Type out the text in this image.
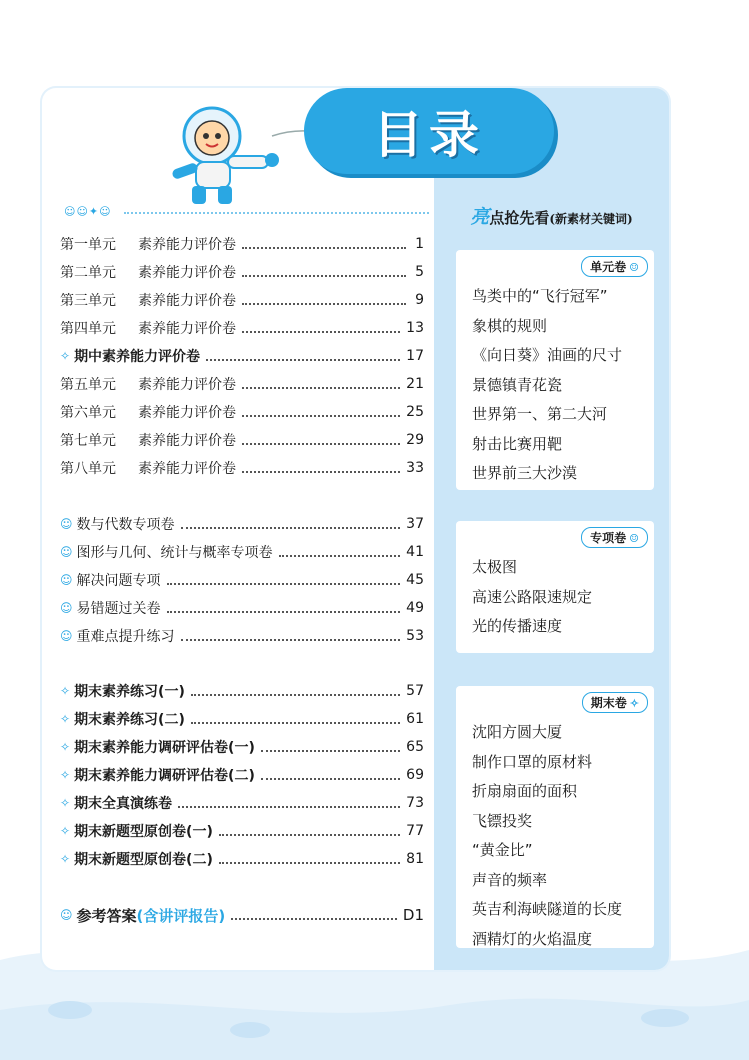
目录
☺☺✦☺	亮点抢先看(新素材关键词)
第一单元 素养能力评价卷	1
第二单元 素养能力评价卷	5
第三单元 素养能力评价卷	9
第四单元 素养能力评价卷	13
✧ 期中素养能力评价卷	17
第五单元 素养能力评价卷	21
第六单元 素养能力评价卷	25
第七单元 素养能力评价卷	29
第八单元 素养能力评价卷	33
☺ 数与代数专项卷	37
☺ 图形与几何、统计与概率专项卷	41
☺ 解决问题专项	45
☺ 易错题过关卷	49
☺ 重难点提升练习	53
✧ 期末素养练习(一)	57
✧ 期末素养练习(二)	61
✧ 期末素养能力调研评估卷(一)	65
✧ 期末素养能力调研评估卷(二)	69
✧ 期末全真演练卷	73
✧ 期末新题型原创卷(一)	77
✧ 期末新题型原创卷(二)	81
☺ 参考答案 (含讲评报告)	D1
单元卷 ☺
鸟类中的“飞行冠军”
象棋的规则
《向日葵》油画的尺寸
景德镇青花瓷
世界第一、第二大河
射击比赛用靶
世界前三大沙漠
专项卷 ☺
太极图
高速公路限速规定
光的传播速度
期末卷 ✧
沈阳方圆大厦
制作口罩的原材料
折扇扇面的面积
飞镖投奖
“黄金比”
声音的频率
英吉利海峡隧道的长度
酒精灯的火焰温度
